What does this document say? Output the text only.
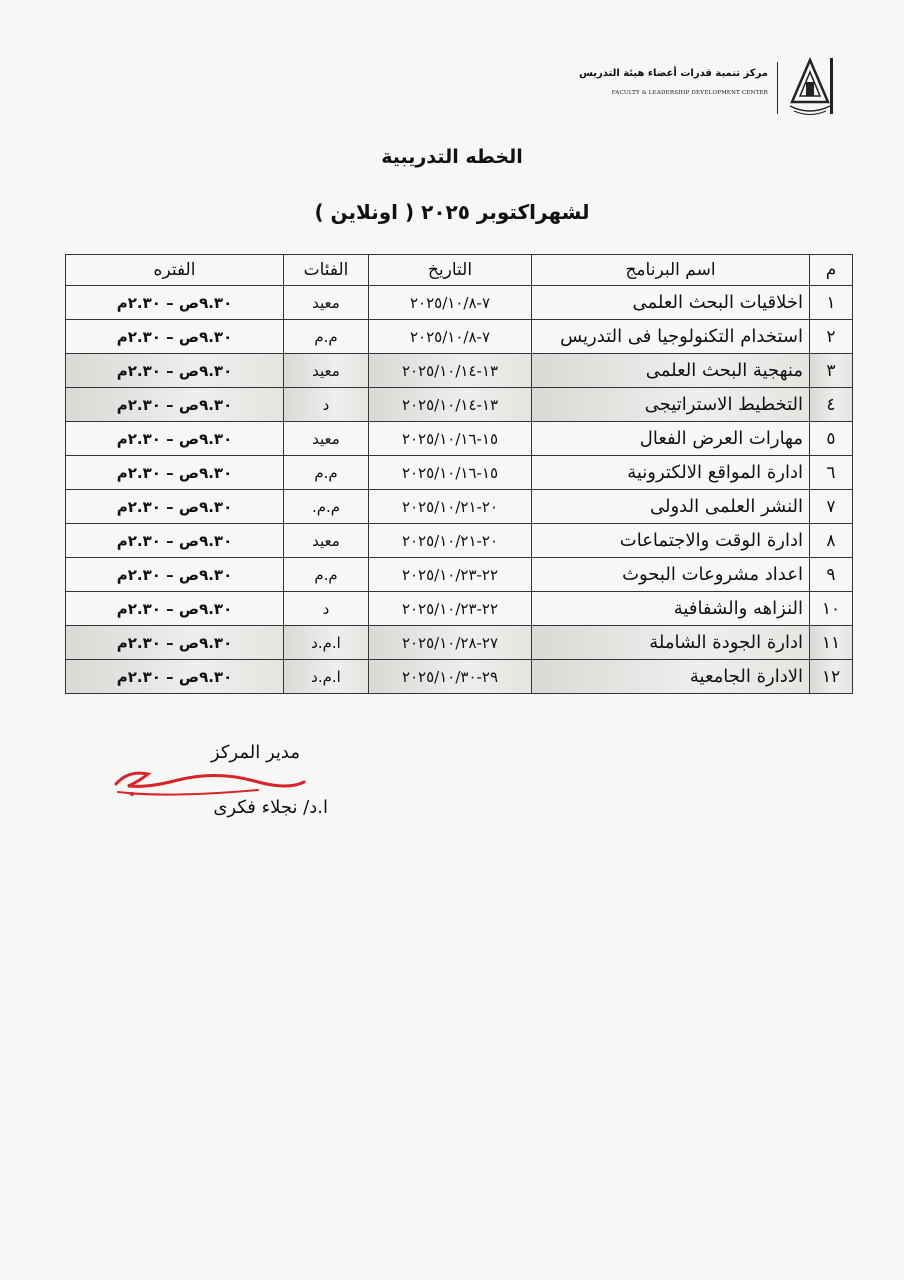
مركز تنمية قدرات أعضاء هيئة التدريس
FACULTY & LEADERSHIP DEVELOPMENT CENTER
الخطه التدريبية
لشهراكتوبر ٢٠٢٥ ( اونلاين )
م	اسم البرنامج	التاريخ	الفئات	الفتره
١	اخلاقيات البحث العلمى	٧-٢٠٢٥/١٠/٨	معيد	٩.٣٠ص – ٢.٣٠م
٢	استخدام التكنولوجيا فى التدريس	٧-٢٠٢٥/١٠/٨	م.م	٩.٣٠ص – ٢.٣٠م
٣	منهجية البحث العلمى	١٣-٢٠٢٥/١٠/١٤	معيد	٩.٣٠ص – ٢.٣٠م
٤	التخطيط الاستراتيجى	١٣-٢٠٢٥/١٠/١٤	د	٩.٣٠ص – ٢.٣٠م
٥	مهارات العرض الفعال	١٥-٢٠٢٥/١٠/١٦	معيد	٩.٣٠ص – ٢.٣٠م
٦	ادارة المواقع الالكترونية	١٥-٢٠٢٥/١٠/١٦	م.م	٩.٣٠ص – ٢.٣٠م
٧	النشر العلمى الدولى	٢٠-٢٠٢٥/١٠/٢١	م.م.	٩.٣٠ص – ٢.٣٠م
٨	ادارة الوقت والاجتماعات	٢٠-٢٠٢٥/١٠/٢١	معيد	٩.٣٠ص – ٢.٣٠م
٩	اعداد مشروعات البحوث	٢٢-٢٠٢٥/١٠/٢٣	م.م	٩.٣٠ص – ٢.٣٠م
١٠	النزاهه والشفافية	٢٢-٢٠٢٥/١٠/٢٣	د	٩.٣٠ص – ٢.٣٠م
١١	ادارة الجودة الشاملة	٢٧-٢٠٢٥/١٠/٢٨	ا.م.د	٩.٣٠ص – ٢.٣٠م
١٢	الادارة الجامعية	٢٩-٢٠٢٥/١٠/٣٠	ا.م.د	٩.٣٠ص – ٢.٣٠م
مدير المركز
ا.د/ نجلاء فكرى
